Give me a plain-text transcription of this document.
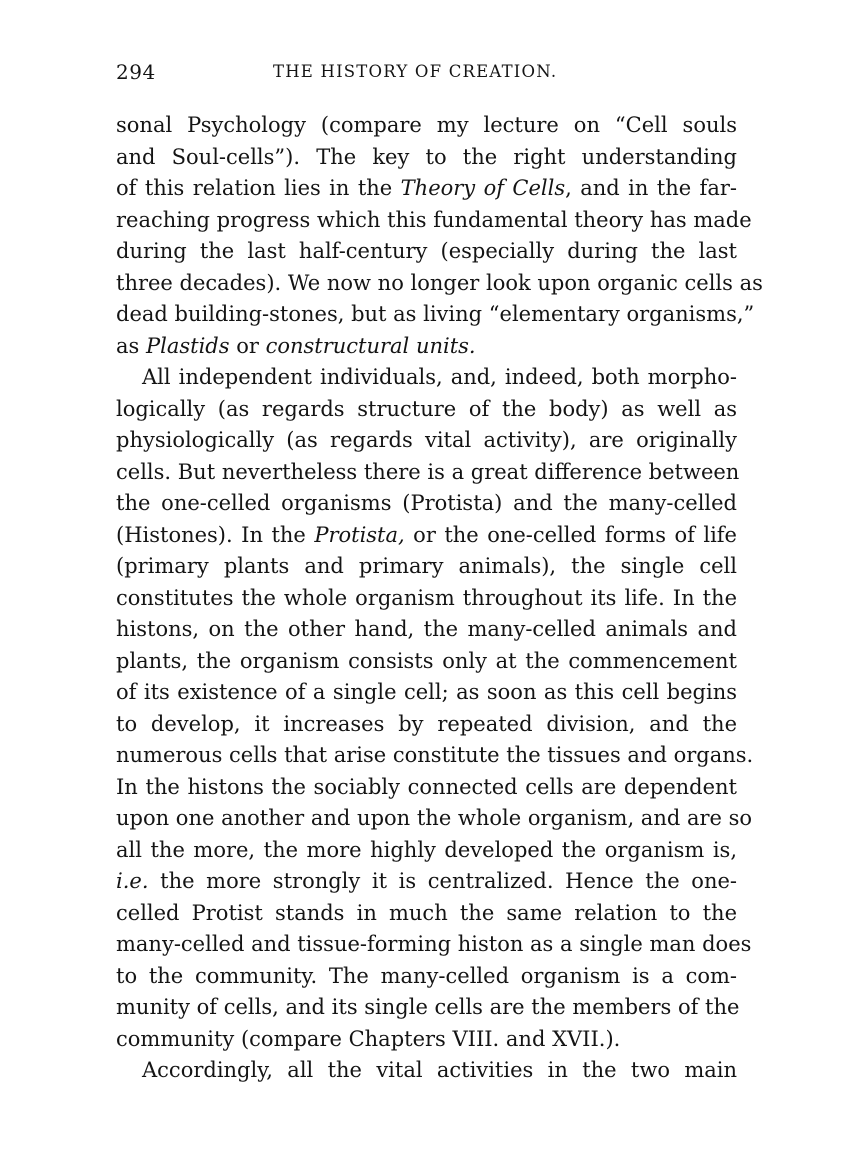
294	THE HISTORY OF CREATION.
sonal Psychology (compare my lecture on “Cell souls
and Soul-cells”). The key to the right understanding
of this relation lies in the Theory of Cells, and in the far-
reaching progress which this fundamental theory has made
during the last half-century (especially during the last
three decades). We now no longer look upon organic cells as
dead building-stones, but as living “elementary organisms,”
as Plastids or constructural units.
All independent individuals, and, indeed, both morpho-
logically (as regards structure of the body) as well as
physiologically (as regards vital activity), are originally
cells. But nevertheless there is a great difference between
the one-celled organisms (Protista) and the many-celled
(Histones). In the Protista, or the one-celled forms of life
(primary plants and primary animals), the single cell
constitutes the whole organism throughout its life. In the
histons, on the other hand, the many-celled animals and
plants, the organism consists only at the commencement
of its existence of a single cell; as soon as this cell begins
to develop, it increases by repeated division, and the
numerous cells that arise constitute the tissues and organs.
In the histons the sociably connected cells are dependent
upon one another and upon the whole organism, and are so
all the more, the more highly developed the organism is,
i.e. the more strongly it is centralized. Hence the one-
celled Protist stands in much the same relation to the
many-celled and tissue-forming histon as a single man does
to the community. The many-celled organism is a com-
munity of cells, and its single cells are the members of the
community (compare Chapters VIII. and XVII.).
Accordingly, all the vital activities in the two main
